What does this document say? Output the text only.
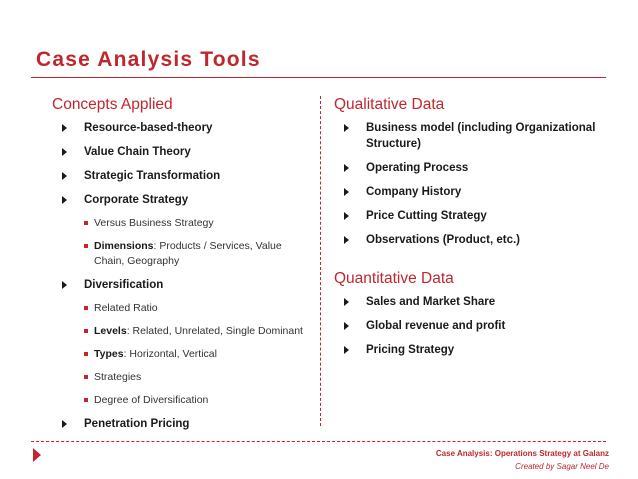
Case Analysis Tools
Concepts Applied
Resource-based-theory
Value Chain Theory
Strategic Transformation
Corporate Strategy
Versus Business Strategy
Dimensions: Products / Services, Value Chain, Geography
Diversification
Related Ratio
Levels: Related, Unrelated, Single Dominant
Types: Horizontal, Vertical
Strategies
Degree of Diversification
Penetration Pricing
Qualitative Data
Business model (including Organizational Structure)
Operating Process
Company History
Price Cutting Strategy
Observations (Product, etc.)
Quantitative Data
Sales and Market Share
Global revenue and profit
Pricing Strategy
Case Analysis: Operations Strategy at Galanz
Created by Sagar Neel De
